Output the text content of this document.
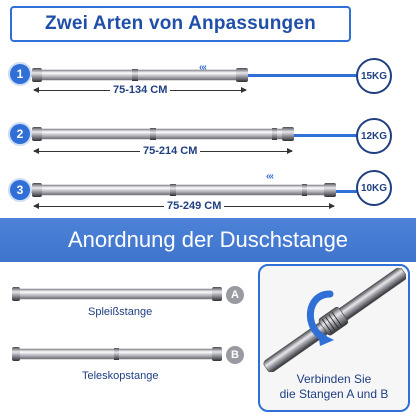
Zwei Arten von Anpassungen
1	‹‹‹
75-134 CM
15KG
2
75-214 CM
12KG
3
‹‹‹
75-249 CM
10KG
Anordnung der Duschstange
Spleißstange
A
Teleskopstange
B
Verbinden Sie
die Stangen A und B
